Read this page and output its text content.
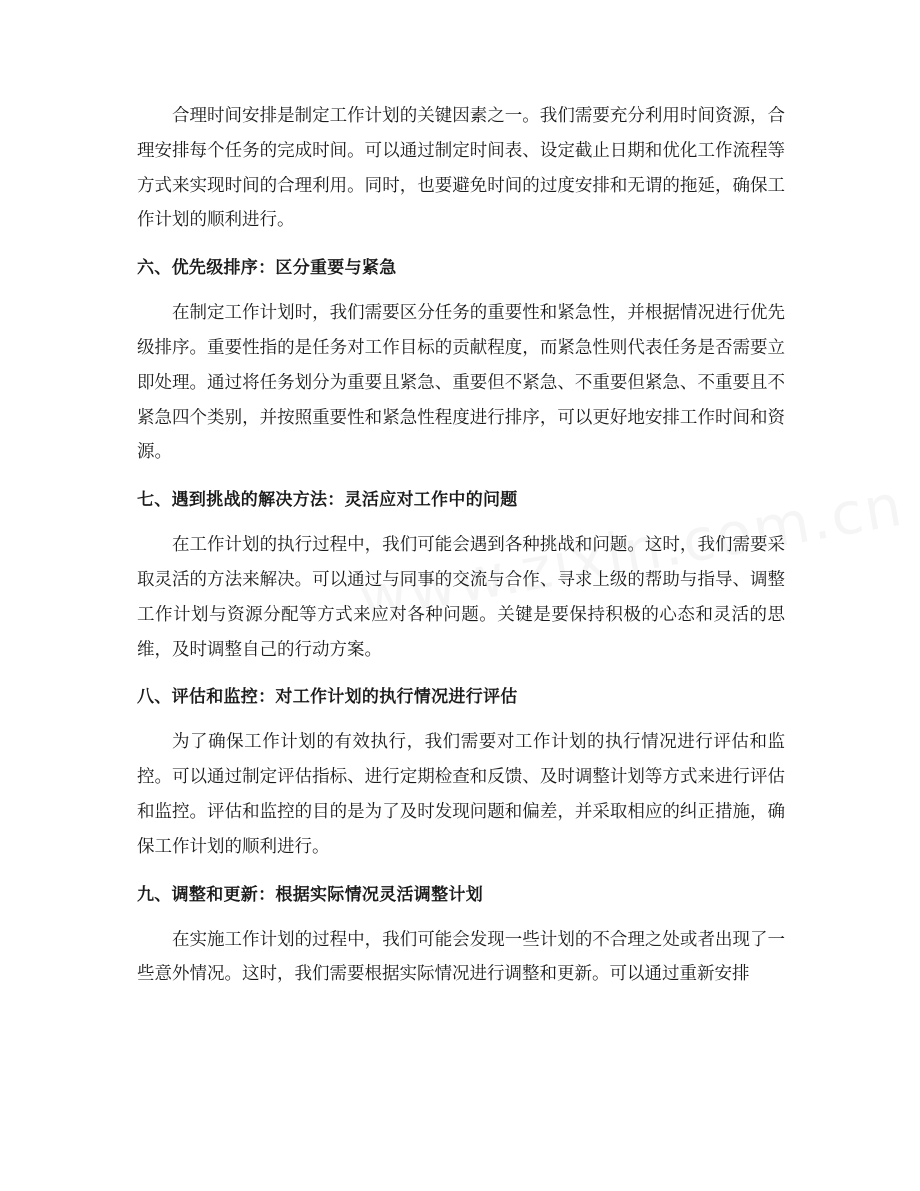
合理时间安排是制定工作计划的关键因素之一。我们需要充分利用时间资源，合理安排每个任务的完成时间。可以通过制定时间表、设定截止日期和优化工作流程等方式来实现时间的合理利用。同时，也要避免时间的过度安排和无谓的拖延，确保工作计划的顺利进行。

六、优先级排序：区分重要与紧急

在制定工作计划时，我们需要区分任务的重要性和紧急性，并根据情况进行优先级排序。重要性指的是任务对工作目标的贡献程度，而紧急性则代表任务是否需要立即处理。通过将任务划分为重要且紧急、重要但不紧急、不重要但紧急、不重要且不紧急四个类别，并按照重要性和紧急性程度进行排序，可以更好地安排工作时间和资源。

七、遇到挑战的解决方法：灵活应对工作中的问题

在工作计划的执行过程中，我们可能会遇到各种挑战和问题。这时，我们需要采取灵活的方法来解决。可以通过与同事的交流与合作、寻求上级的帮助与指导、调整工作计划与资源分配等方式来应对各种问题。关键是要保持积极的心态和灵活的思维，及时调整自己的行动方案。

八、评估和监控：对工作计划的执行情况进行评估

为了确保工作计划的有效执行，我们需要对工作计划的执行情况进行评估和监控。可以通过制定评估指标、进行定期检查和反馈、及时调整计划等方式来进行评估和监控。评估和监控的目的是为了及时发现问题和偏差，并采取相应的纠正措施，确保工作计划的顺利进行。

九、调整和更新：根据实际情况灵活调整计划

在实施工作计划的过程中，我们可能会发现一些计划的不合理之处或者出现了一些意外情况。这时，我们需要根据实际情况进行调整和更新。可以通过重新安排
